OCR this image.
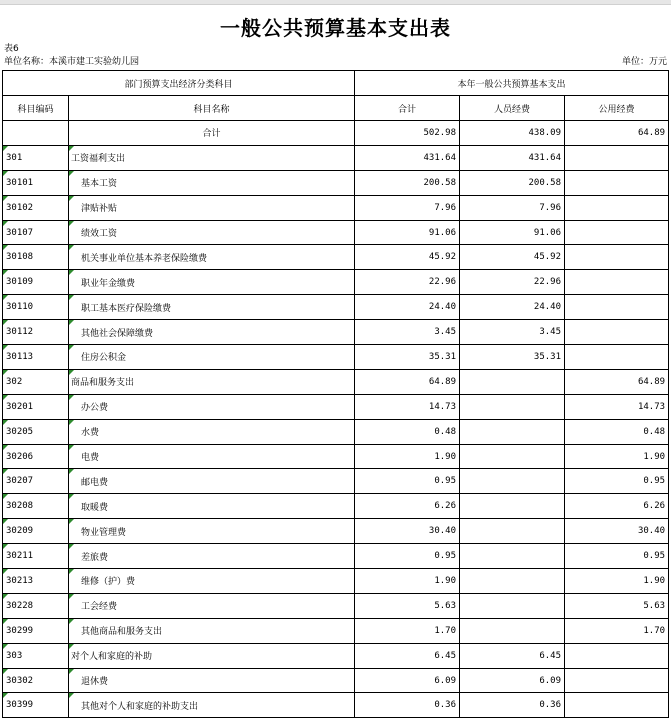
一般公共预算基本支出表
表6
单位名称：本溪市建工实验幼儿园	单位：万元
部门预算支出经济分类科目		本年一般公共预算基本支出		
科目编码	科目名称	合计	人员经费	公用经费
	合计	502.98	438.09	64.89
301	工资福利支出	431.64	431.64	
30101	基本工资	200.58	200.58	
30102	津贴补贴	7.96	7.96	
30107	绩效工资	91.06	91.06	
30108	机关事业单位基本养老保险缴费	45.92	45.92	
30109	职业年金缴费	22.96	22.96	
30110	职工基本医疗保险缴费	24.40	24.40	
30112	其他社会保障缴费	3.45	3.45	
30113	住房公积金	35.31	35.31	
302	商品和服务支出	64.89		64.89
30201	办公费	14.73		14.73
30205	水费	0.48		0.48
30206	电费	1.90		1.90
30207	邮电费	0.95		0.95
30208	取暖费	6.26		6.26
30209	物业管理费	30.40		30.40
30211	差旅费	0.95		0.95
30213	维修（护）费	1.90		1.90
30228	工会经费	5.63		5.63
30299	其他商品和服务支出	1.70		1.70
303	对个人和家庭的补助	6.45	6.45	
30302	退休费	6.09	6.09	
30399	其他对个人和家庭的补助支出	0.36	0.36	
